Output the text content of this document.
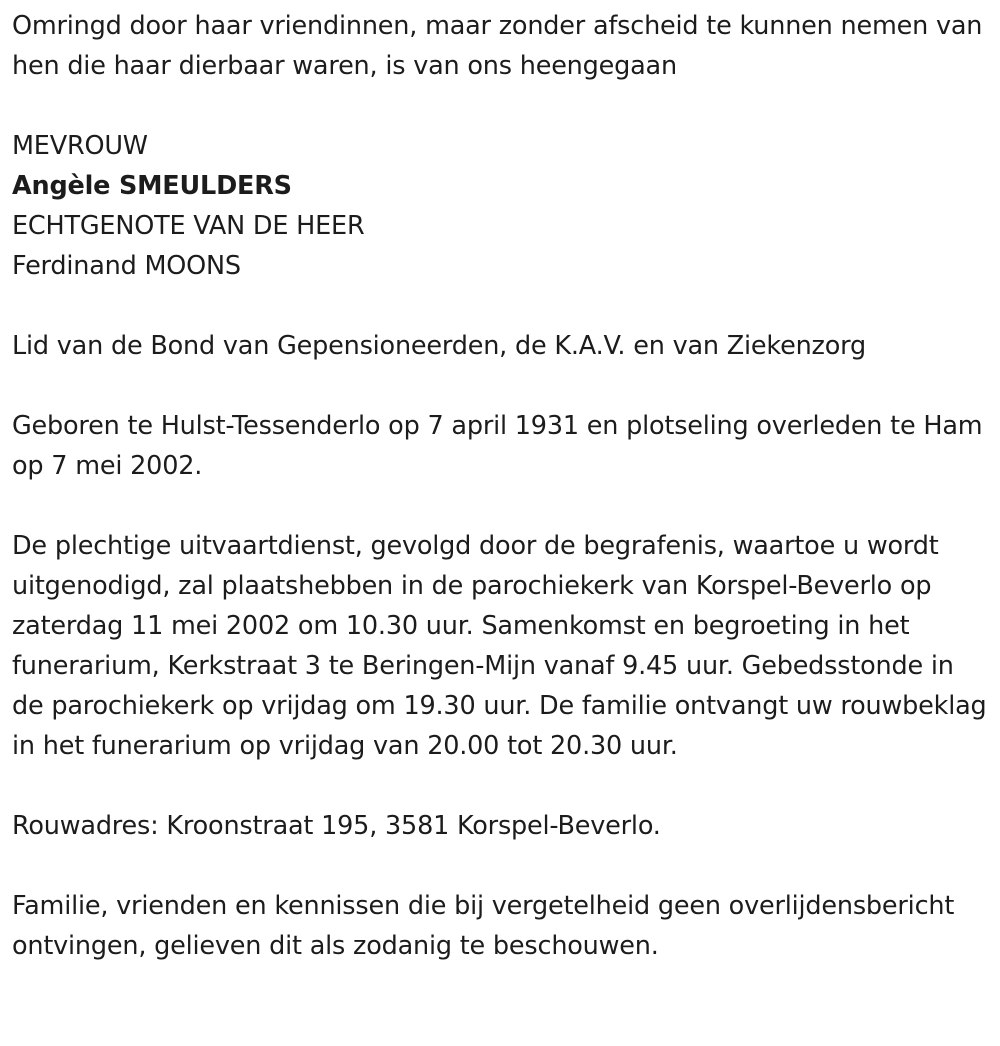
Omringd door haar vriendinnen, maar zonder afscheid te kunnen nemen van hen die haar dierbaar waren, is van ons heengegaan

MEVROUW

Angèle SMEULDERS

ECHTGENOTE VAN DE HEER

Ferdinand MOONS

Lid van de Bond van Gepensioneerden, de K.A.V. en van Ziekenzorg

Geboren te Hulst-Tessenderlo op 7 april 1931 en plotseling overleden te Ham op 7 mei 2002.

De plechtige uitvaartdienst, gevolgd door de begrafenis, waartoe u wordt uitgenodigd, zal plaatshebben in de parochiekerk van Korspel-Beverlo op zaterdag 11 mei 2002 om 10.30 uur. Samenkomst en begroeting in het funerarium, Kerkstraat 3 te Beringen-Mijn vanaf 9.45 uur. Gebedsstonde in de parochiekerk op vrijdag om 19.30 uur. De familie ontvangt uw rouwbeklag in het funerarium op vrijdag van 20.00 tot 20.30 uur.

Rouwadres: Kroonstraat 195, 3581 Korspel-Beverlo.

Familie, vrienden en kennissen die bij vergetelheid geen overlijdensbericht ontvingen, gelieven dit als zodanig te beschouwen.
